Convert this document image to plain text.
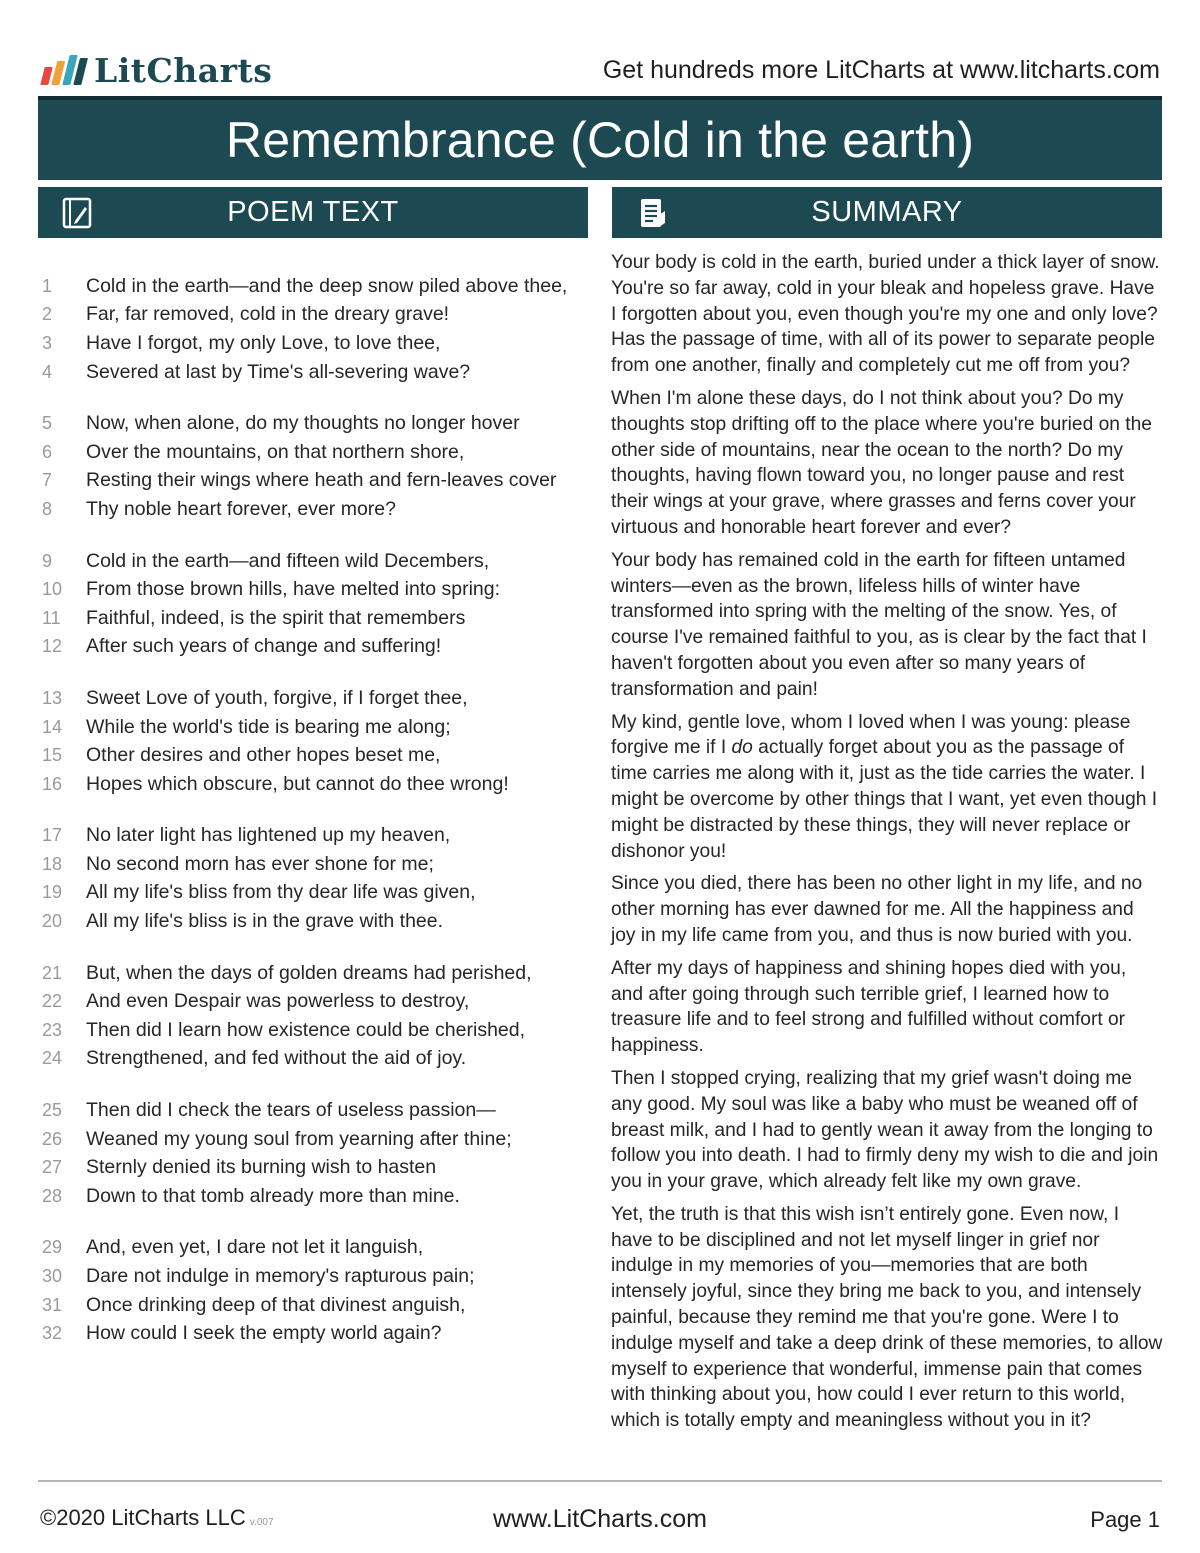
LitCharts	Get hundreds more LitCharts at www.litcharts.com
Remembrance (Cold in the earth)
POEM TEXT	SUMMARY
1	Cold in the earth—and the deep snow piled above thee,
2	Far, far removed, cold in the dreary grave!
3	Have I forgot, my only Love, to love thee,
4	Severed at last by Time's all-severing wave?
5	Now, when alone, do my thoughts no longer hover
6	Over the mountains, on that northern shore,
7	Resting their wings where heath and fern-leaves cover
8	Thy noble heart forever, ever more?
9	Cold in the earth—and fifteen wild Decembers,
10	From those brown hills, have melted into spring:
11	Faithful, indeed, is the spirit that remembers
12	After such years of change and suffering!
13	Sweet Love of youth, forgive, if I forget thee,
14	While the world's tide is bearing me along;
15	Other desires and other hopes beset me,
16	Hopes which obscure, but cannot do thee wrong!
17	No later light has lightened up my heaven,
18	No second morn has ever shone for me;
19	All my life's bliss from thy dear life was given,
20	All my life's bliss is in the grave with thee.
21	But, when the days of golden dreams had perished,
22	And even Despair was powerless to destroy,
23	Then did I learn how existence could be cherished,
24	Strengthened, and fed without the aid of joy.
25	Then did I check the tears of useless passion—
26	Weaned my young soul from yearning after thine;
27	Sternly denied its burning wish to hasten
28	Down to that tomb already more than mine.
29	And, even yet, I dare not let it languish,
30	Dare not indulge in memory's rapturous pain;
31	Once drinking deep of that divinest anguish,
32	How could I seek the empty world again?

Your body is cold in the earth, buried under a thick layer of snow. You're so far away, cold in your bleak and hopeless grave. Have I forgotten about you, even though you're my one and only love? Has the passage of time, with all of its power to separate people from one another, finally and completely cut me off from you?

When I'm alone these days, do I not think about you? Do my thoughts stop drifting off to the place where you're buried on the other side of mountains, near the ocean to the north? Do my thoughts, having flown toward you, no longer pause and rest their wings at your grave, where grasses and ferns cover your virtuous and honorable heart forever and ever?

Your body has remained cold in the earth for fifteen untamed winters—even as the brown, lifeless hills of winter have transformed into spring with the melting of the snow. Yes, of course I've remained faithful to you, as is clear by the fact that I haven't forgotten about you even after so many years of transformation and pain!

My kind, gentle love, whom I loved when I was young: please forgive me if I do actually forget about you as the passage of time carries me along with it, just as the tide carries the water. I might be overcome by other things that I want, yet even though I might be distracted by these things, they will never replace or dishonor you!

Since you died, there has been no other light in my life, and no other morning has ever dawned for me. All the happiness and joy in my life came from you, and thus is now buried with you.

After my days of happiness and shining hopes died with you, and after going through such terrible grief, I learned how to treasure life and to feel strong and fulfilled without comfort or happiness.

Then I stopped crying, realizing that my grief wasn't doing me any good. My soul was like a baby who must be weaned off of breast milk, and I had to gently wean it away from the longing to follow you into death. I had to firmly deny my wish to die and join you in your grave, which already felt like my own grave.

Yet, the truth is that this wish isn’t entirely gone. Even now, I have to be disciplined and not let myself linger in grief nor indulge in my memories of you—memories that are both intensely joyful, since they bring me back to you, and intensely painful, because they remind me that you're gone. Were I to indulge myself and take a deep drink of these memories, to allow myself to experience that wonderful, immense pain that comes with thinking about you, how could I ever return to this world, which is totally empty and meaningless without you in it?

©2020 LitCharts LLC v.007	www.LitCharts.com	Page 1
